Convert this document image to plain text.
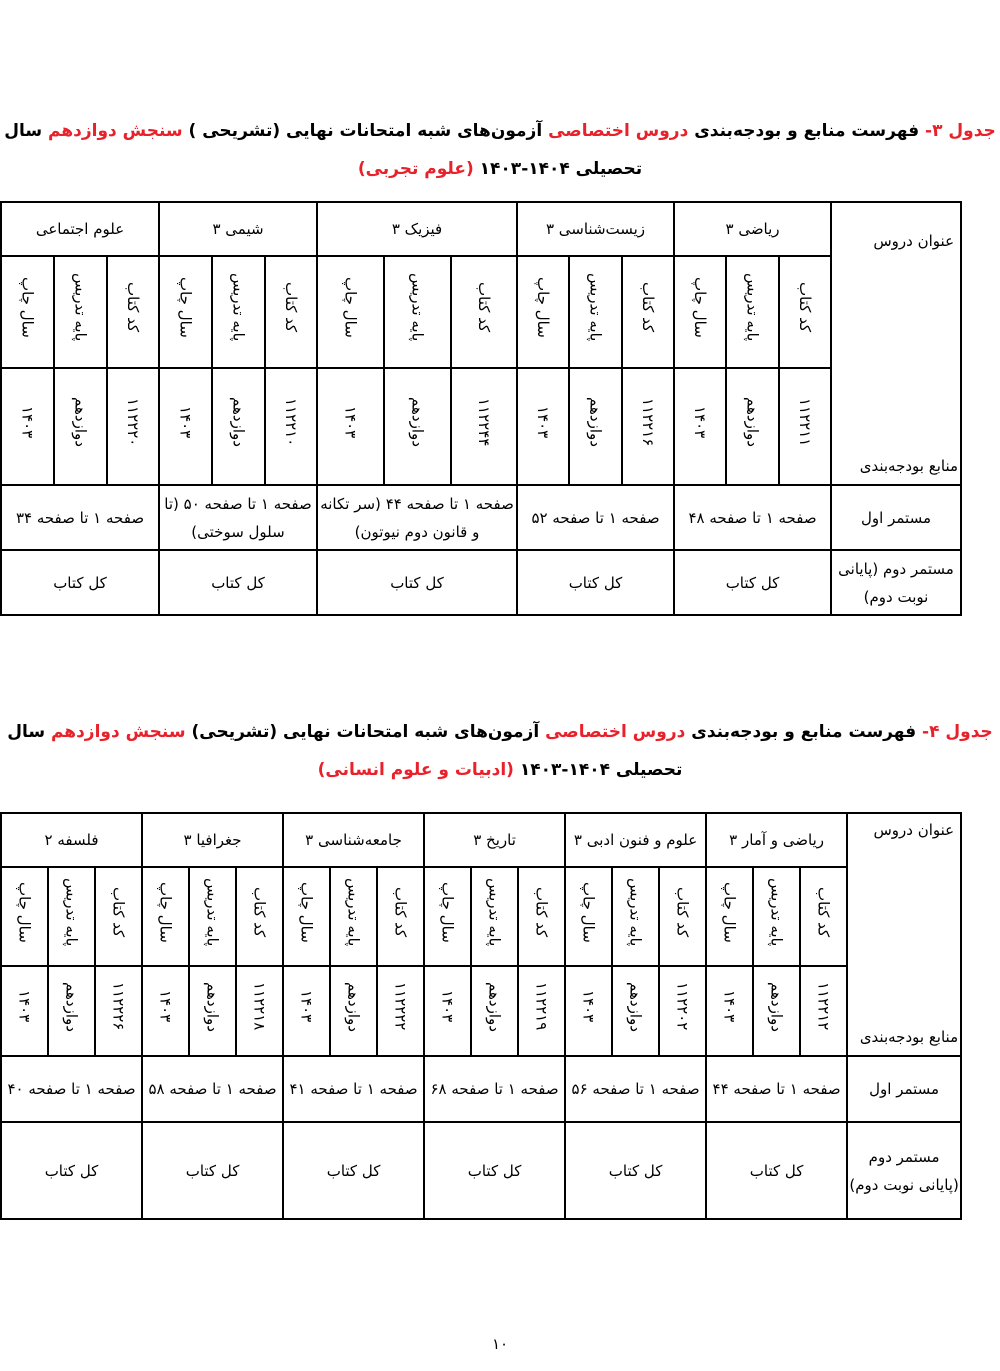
جدول ۳- فهرست منابع و بودجه‌بندی دروس اختصاصی آزمون‌های شبه امتحانات نهایی (تشریحی ) سنجش دوازدهم سال

تحصیلی ۱۴۰۴-۱۴۰۳ (علوم تجربی)

عنوان دروس
منابع بودجه‌بندی	ریاضی ۳			زیست‌شناسی ۳			فیزیک ۳			شیمی ۳			علوم اجتماعی		
	کد کتاب	پایه تدریس	سال چاپ	کد کتاب	پایه تدریس	سال چاپ	کد کتاب	پایه تدریس	سال چاپ	کد کتاب	پایه تدریس	سال چاپ	کد کتاب	پایه تدریس	سال چاپ
	۱۱۲۲۱۱	دوازدهم	۱۴۰۳	۱۱۲۲۱۶	دوازدهم	۱۴۰۳	۱۱۲۲۴۴	دوازدهم	۱۴۰۳	۱۱۲۲۱۰	دوازدهم	۱۴۰۳	۱۱۲۲۲۰	دوازدهم	۱۴۰۳
مستمر اول	صفحه ۱ تا صفحه ۴۸			صفحه ۱ تا صفحه ۵۲			صفحه ۱ تا صفحه ۴۴ (سر تکانه و قانون دوم نیوتون)			صفحه ۱ تا صفحه ۵۰ (تا سلول سوختی)			صفحه ۱ تا صفحه ۳۴		
مستمر دوم (پایانی نوبت دوم)	کل کتاب			کل کتاب			کل کتاب			کل کتاب			کل کتاب		

جدول ۴- فهرست منابع و بودجه‌بندی دروس اختصاصی آزمون‌های شبه امتحانات نهایی (تشریحی) سنجش دوازدهم سال

تحصیلی ۱۴۰۴-۱۴۰۳ (ادبیات و علوم انسانی)

عنوان دروس
منابع بودجه‌بندی	ریاضی و آمار ۳			علوم و فنون ادبی ۳			تاریخ ۳			جامعه‌شناسی ۳			جغرافیا ۳			فلسفه ۲		
	کد کتاب	پایه تدریس	سال چاپ	کد کتاب	پایه تدریس	سال چاپ	کد کتاب	پایه تدریس	سال چاپ	کد کتاب	پایه تدریس	سال چاپ	کد کتاب	پایه تدریس	سال چاپ	کد کتاب	پایه تدریس	سال چاپ
	۱۱۲۲۱۲	دوازدهم	۱۴۰۳	۱۱۲۲۰۲	دوازدهم	۱۴۰۳	۱۱۲۲۱۹	دوازدهم	۱۴۰۳	۱۱۲۲۲۲	دوازدهم	۱۴۰۳	۱۱۲۲۱۸	دوازدهم	۱۴۰۳	۱۱۲۲۲۶	دوازدهم	۱۴۰۳
مستمر اول	صفحه ۱ تا صفحه ۴۴			صفحه ۱ تا صفحه ۵۶			صفحه ۱ تا صفحه ۶۸			صفحه ۱ تا صفحه ۴۱			صفحه ۱ تا صفحه ۵۸			صفحه ۱ تا صفحه ۴۰		
مستمر دوم (پایانی نوبت دوم)	کل کتاب			کل کتاب			کل کتاب			کل کتاب			کل کتاب			کل کتاب		
۱۰
